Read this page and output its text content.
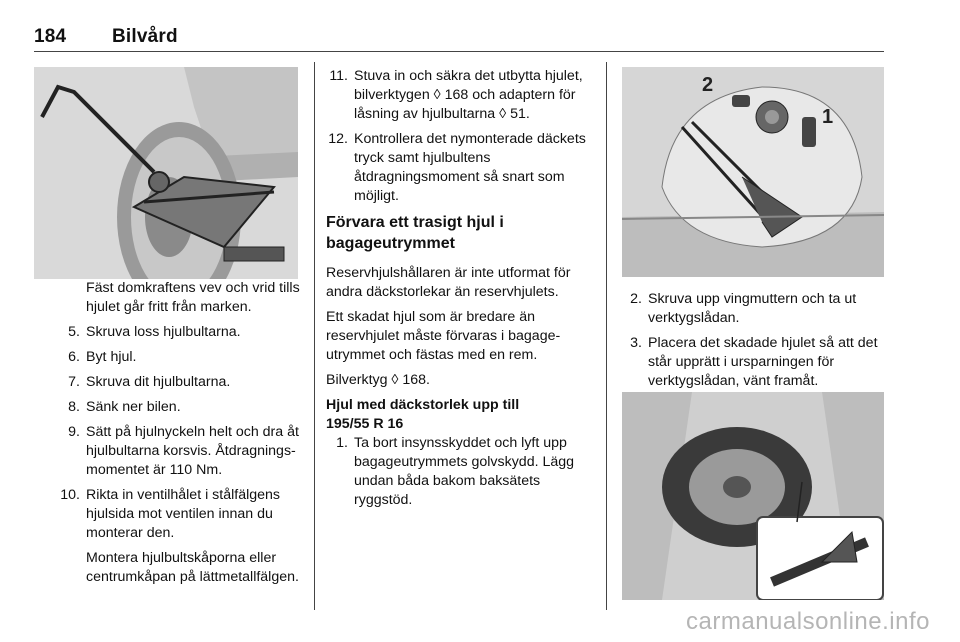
184 Bilvård
Fäst domkraftens vev och vrid tills hjulet går fritt från marken.
5. Skruva loss hjulbultarna.
6. Byt hjul.
7. Skruva dit hjulbultarna.
8. Sänk ner bilen.
9. Sätt på hjulnyckeln helt och dra åt hjulbultarna korsvis. Åtdragningsmomentet är 110 Nm.
10. Rikta in ventilhålet i stålfälgens hjulsida mot ventilen innan du monterar den.
Montera hjulbultskåporna eller centrumkåpan på lättmetallfälgen.
11. Stuva in och säkra det utbytta hjulet, bilverktygen ◊ 168 och adaptern för låsning av hjulbultarna ◊ 51.
12. Kontrollera det nymonterade däckets tryck samt hjulbultens åtdragningsmoment så snart som möjligt.
Förvara ett trasigt hjul i bagageutrymmet
Reservhjulshållaren är inte utformat för andra däckstorlekar än reservhjulets.
Ett skadat hjul som är bredare än reservhjulet måste förvaras i bagageutrymmet och fästas med en rem.
Bilverktyg ◊ 168.
Hjul med däckstorlek upp till 195/55 R 16
1. Ta bort insynsskyddet och lyft upp bagageutrymmets golvskydd. Lägg undan båda bakom baksätets ryggstöd.
2
1
2. Skruva upp vingmuttern och ta ut verktygslådan.
3. Placera det skadade hjulet så att det står upprätt i ursparningen för verktygslådan, vänt framåt.
carmanualsonline.info
